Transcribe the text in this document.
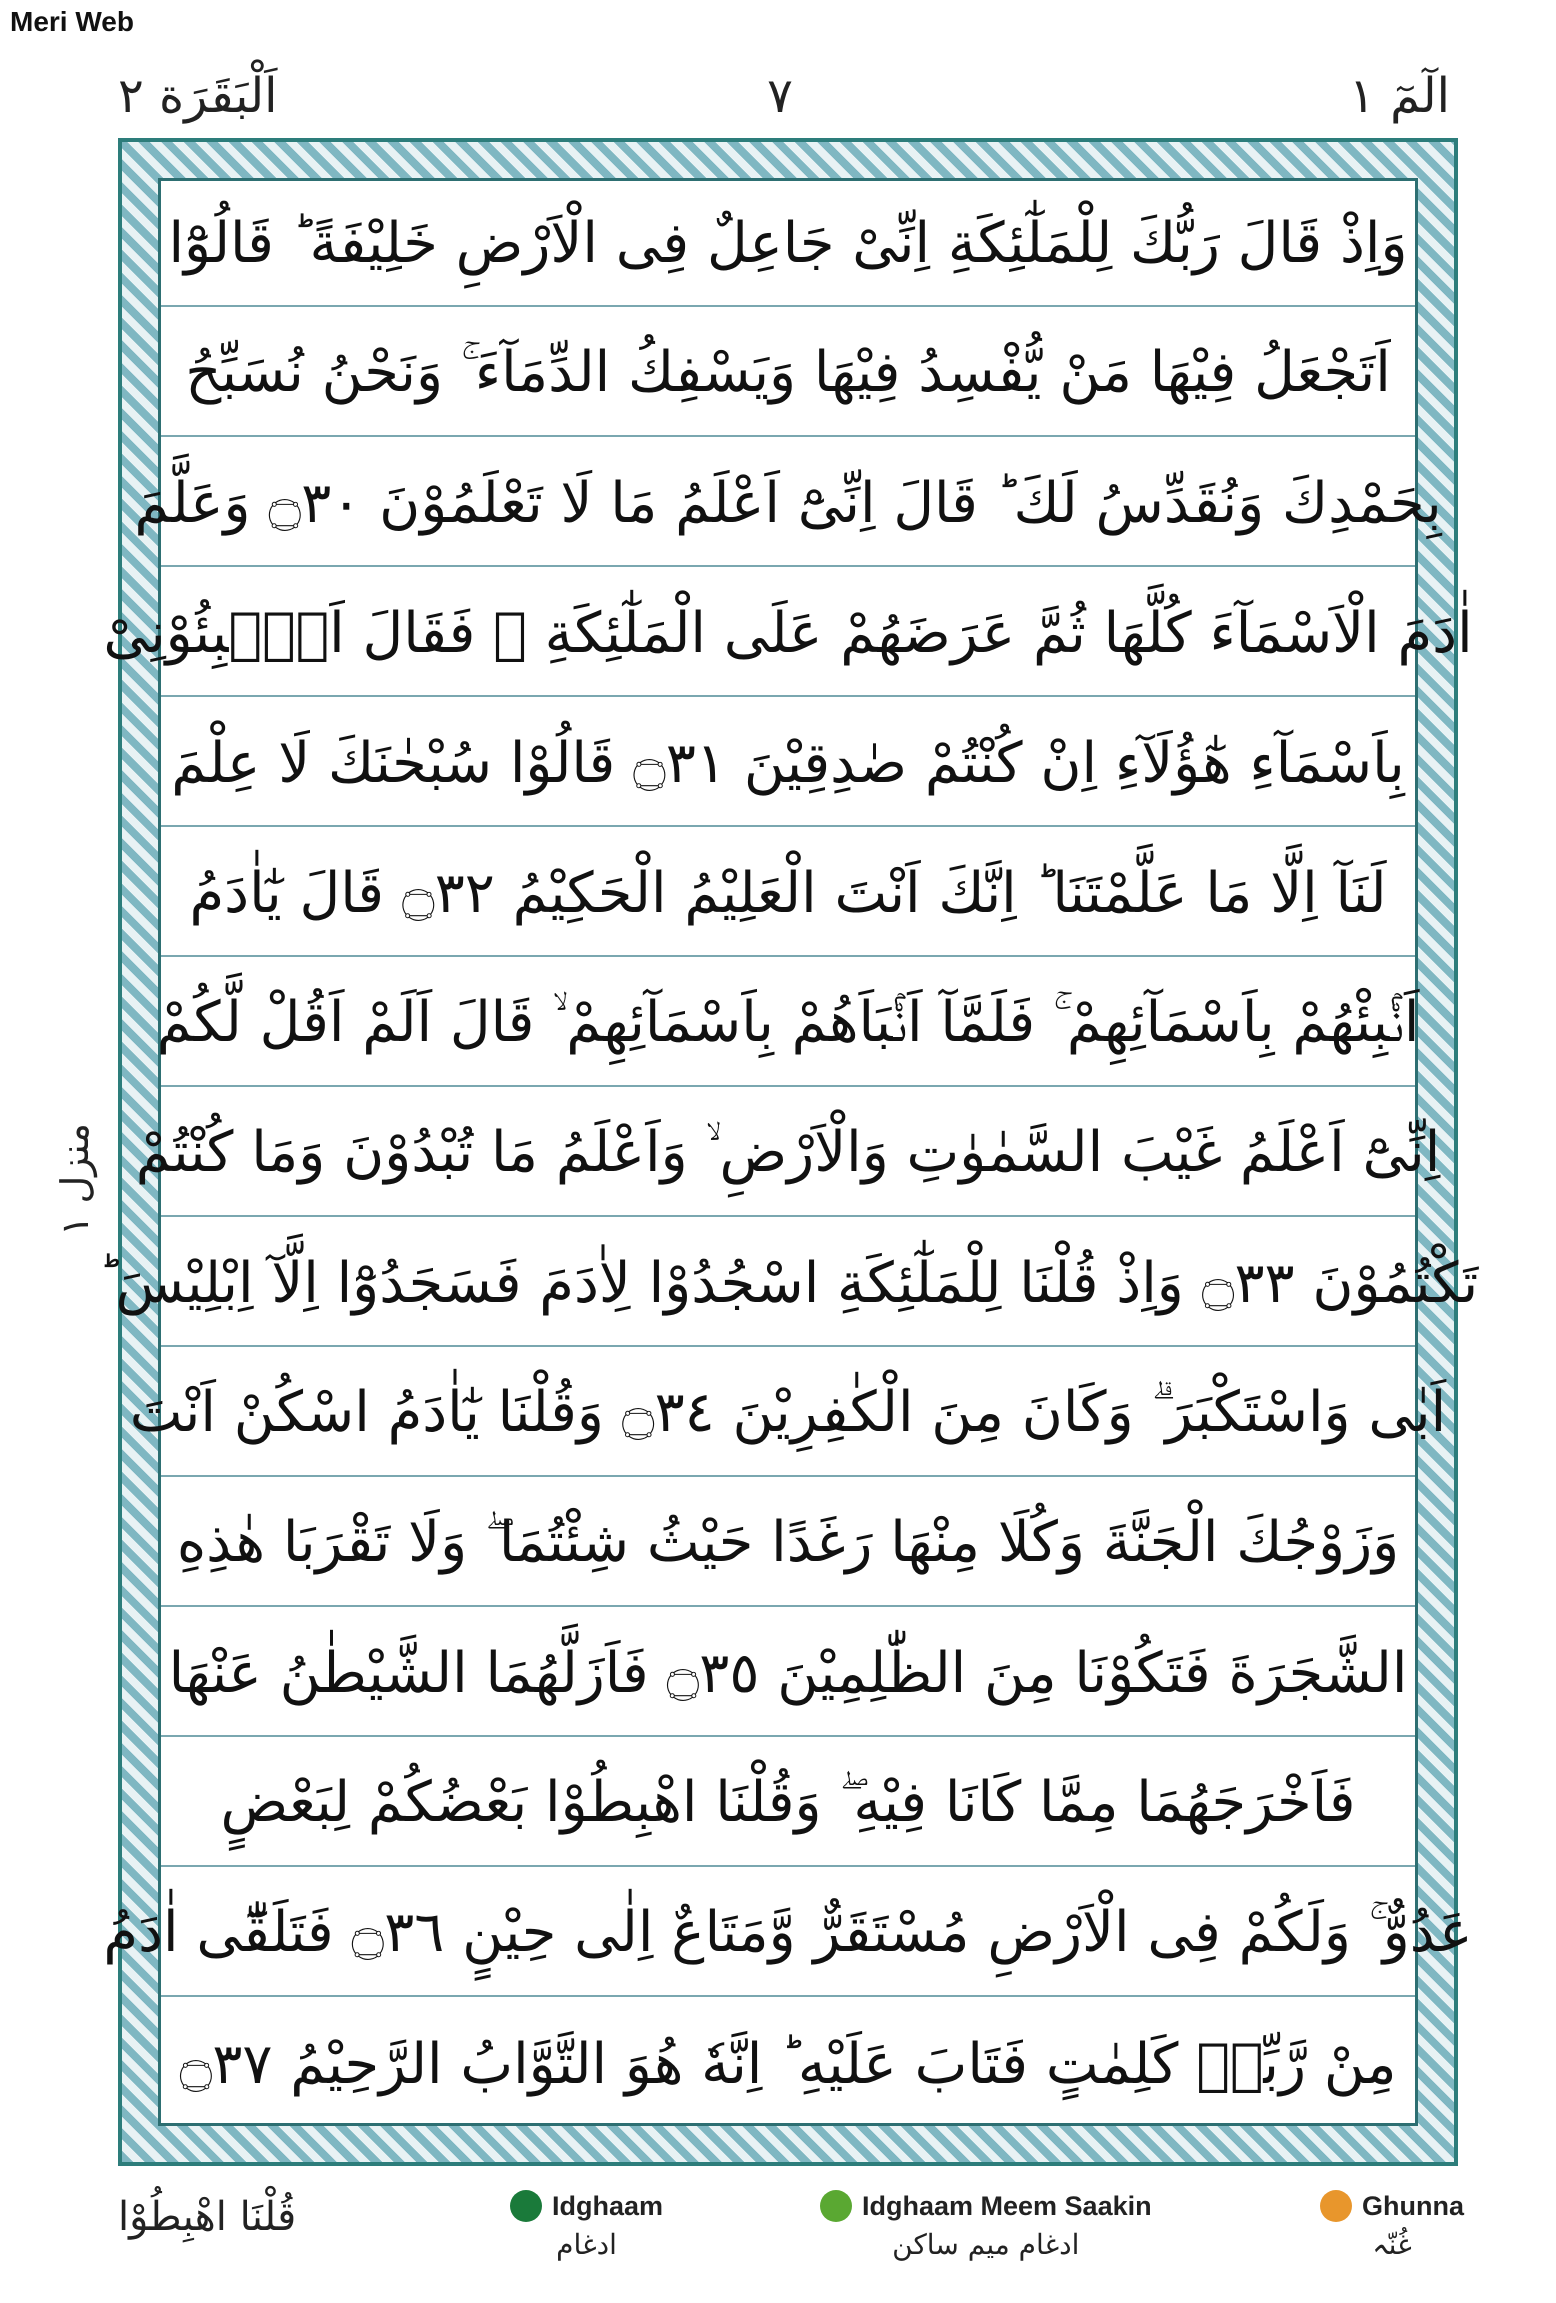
Meri Web
اَلْبَقَرَة ٢	٧	الٓمٓ ١
منزل ١
وَاِذْ قَالَ رَبُّكَ لِلْمَلٰٓئِكَةِ اِنِّىْ جَاعِلٌ فِى الْاَرْضِ خَلِيْفَةً ؕ قَالُوْٓا
اَتَجْعَلُ فِيْهَا مَنْ يُّفْسِدُ فِيْهَا وَيَسْفِكُ الدِّمَآءَ ۚ وَنَحْنُ نُسَبِّحُ
بِحَمْدِكَ وَنُقَدِّسُ لَكَ ؕ قَالَ اِنِّىْٓ اَعْلَمُ مَا لَا تَعْلَمُوْنَ ۝٣٠ وَعَلَّمَ
اٰدَمَ الْاَسْمَآءَ كُلَّهَا ثُمَّ عَرَضَهُمْ عَلَى الْمَلٰٓئِكَةِ ۙ فَقَالَ اَنْۢبِئُوْنِىْ
بِاَسْمَآءِ هٰٓؤُلَآءِ اِنْ كُنْتُمْ صٰدِقِيْنَ ۝٣١ قَالُوْا سُبْحٰنَكَ لَا عِلْمَ
لَنَآ اِلَّا مَا عَلَّمْتَنَا ؕ اِنَّكَ اَنْتَ الْعَلِيْمُ الْحَكِيْمُ ۝٣٢ قَالَ يٰٓاٰدَمُ
اَنْۢبِئْهُمْ بِاَسْمَآئِهِمْ ۚ فَلَمَّآ اَنْۢبَاَهُمْ بِاَسْمَآئِهِمْ ۙ قَالَ اَلَمْ اَقُلْ لَّكُمْ
اِنِّىْٓ اَعْلَمُ غَيْبَ السَّمٰوٰتِ وَالْاَرْضِ ۙ وَاَعْلَمُ مَا تُبْدُوْنَ وَمَا كُنْتُمْ
تَكْتُمُوْنَ ۝٣٣ وَاِذْ قُلْنَا لِلْمَلٰٓئِكَةِ اسْجُدُوْا لِاٰدَمَ فَسَجَدُوْٓا اِلَّآ اِبْلِيْسَ ؕ
اَبٰى وَاسْتَكْبَرَ ۗ وَكَانَ مِنَ الْكٰفِرِيْنَ ۝٣٤ وَقُلْنَا يٰٓاٰدَمُ اسْكُنْ اَنْتَ
وَزَوْجُكَ الْجَنَّةَ وَكُلَا مِنْهَا رَغَدًا حَيْثُ شِئْتُمَا ۖ وَلَا تَقْرَبَا هٰذِهِ
الشَّجَرَةَ فَتَكُوْنَا مِنَ الظّٰلِمِيْنَ ۝٣٥ فَاَزَلَّهُمَا الشَّيْطٰنُ عَنْهَا
فَاَخْرَجَهُمَا مِمَّا كَانَا فِيْهِ ۖ وَقُلْنَا اهْبِطُوْا بَعْضُكُمْ لِبَعْضٍ
عَدُوٌّ ۚ وَلَكُمْ فِى الْاَرْضِ مُسْتَقَرٌّ وَّمَتَاعٌ اِلٰى حِيْنٍ ۝٣٦ فَتَلَقّٰٓى اٰدَمُ
مِنْ رَّبِّهٖ كَلِمٰتٍ فَتَابَ عَلَيْهِ ؕ اِنَّهٗ هُوَ التَّوَّابُ الرَّحِيْمُ ۝٣٧
قُلْنَا اهْبِطُوْا	Idghaam
ادغام
Idghaam Meem Saakin
ادغام میم ساکن
Ghunna
غُنّہ
